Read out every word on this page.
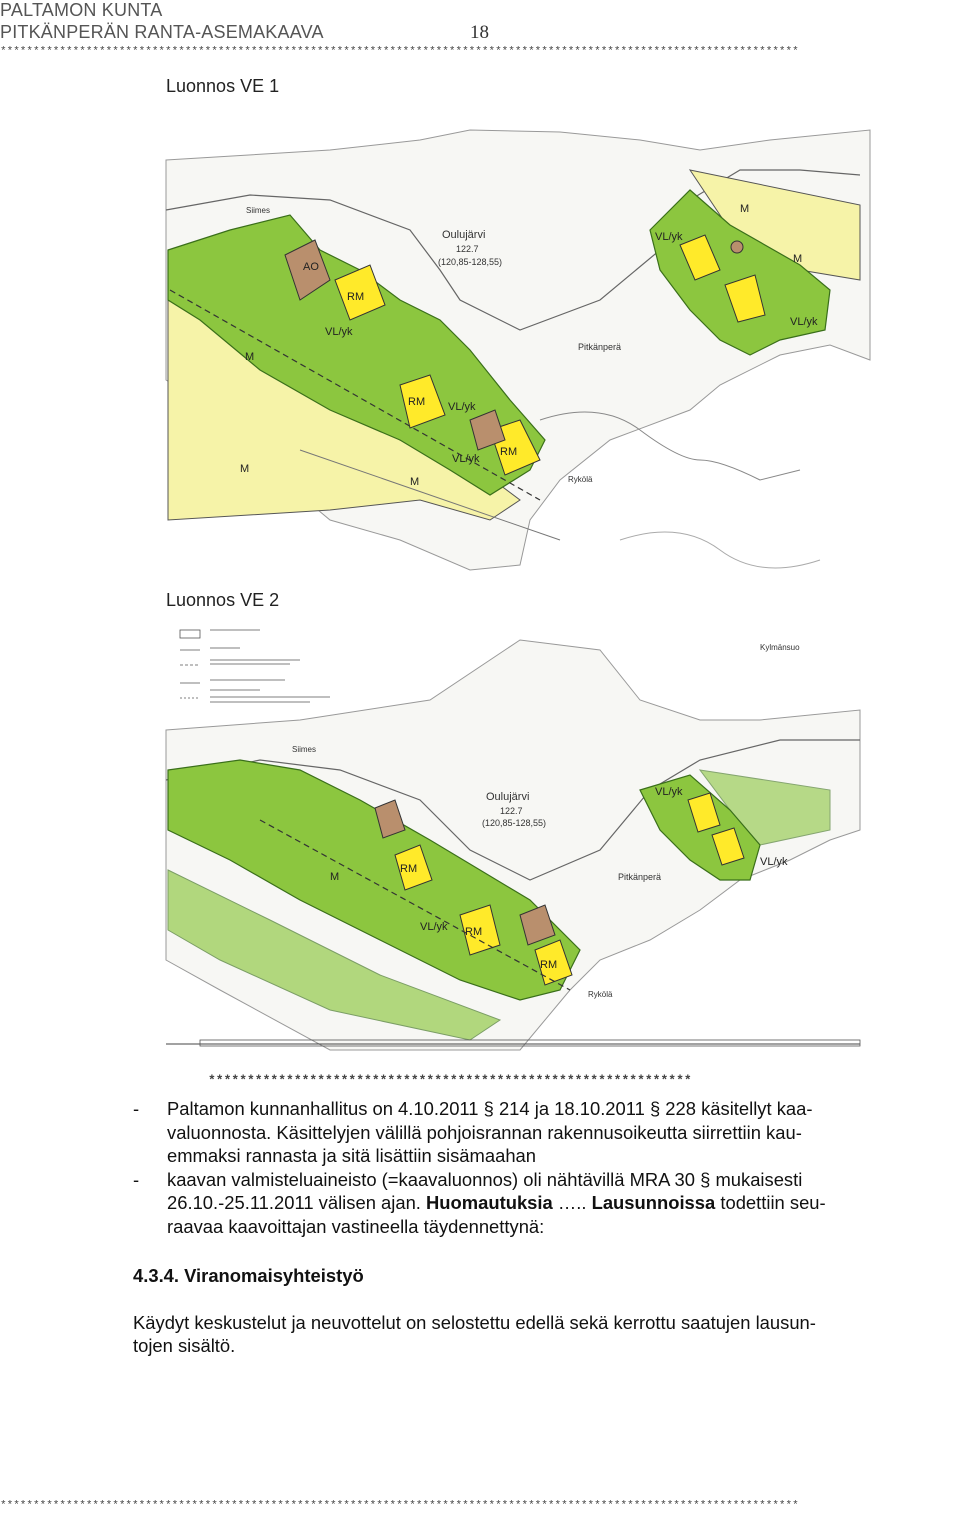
PALTAMON KUNTA
PITKÄNPERÄN RANTA-ASEMAKAAVA	18
*************************************************************************************************************************
Luonnos VE 1
VL/yk
VL/yk
VL/yk
AO
RM
RM
RM
VL/yk
VL/yk
M
M
M
M
M
Oulujärvi
122.7
(120,85-128,55)
Pitkänperä
Siimes
Rykölä
Luonnos VE 2
VL/yk
VL/yk
VL/yk
M
RM
RM
RM
Oulujärvi
122.7
(120,85-128,55)
Pitkänperä
Siimes
Rykölä
Kylmänsuo
**************************************************************
- Paltamon kunnanhallitus on 4.10.2011 § 214 ja 18.10.2011 § 228 käsitellyt kaa-
valuonnosta. Käsittelyjen välillä pohjoisrannan rakennusoikeutta siirrettiin kau-
emmaksi rannasta ja sitä lisättiin sisämaahan
- kaavan valmisteluaineisto (=kaavaluonnos) oli nähtävillä MRA 30 § mukaisesti
26.10.-25.11.2011 välisen ajan. Huomautuksia ….. Lausunnoissa todettiin seu-
raavaa kaavoittajan vastineella täydennettynä:
4.3.4. Viranomaisyhteistyö
Käydyt keskustelut ja neuvottelut on selostettu edellä sekä kerrottu saatujen lausun-
tojen sisältö.
*************************************************************************************************************************
